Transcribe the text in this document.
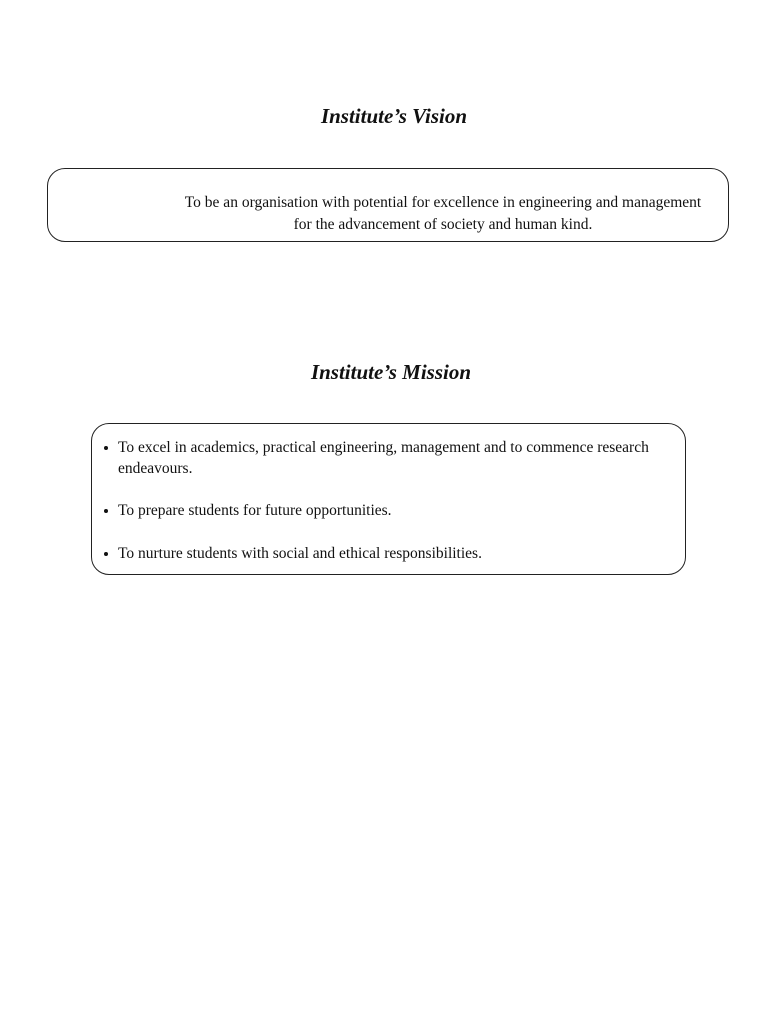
Institute’s Vision

To be an organisation with potential for excellence in engineering and management
for the advancement of society and human kind.

Institute’s Mission
To excel in academics, practical engineering, management and to commence research endeavours.
To prepare students for future opportunities.
To nurture students with social and ethical responsibilities.
